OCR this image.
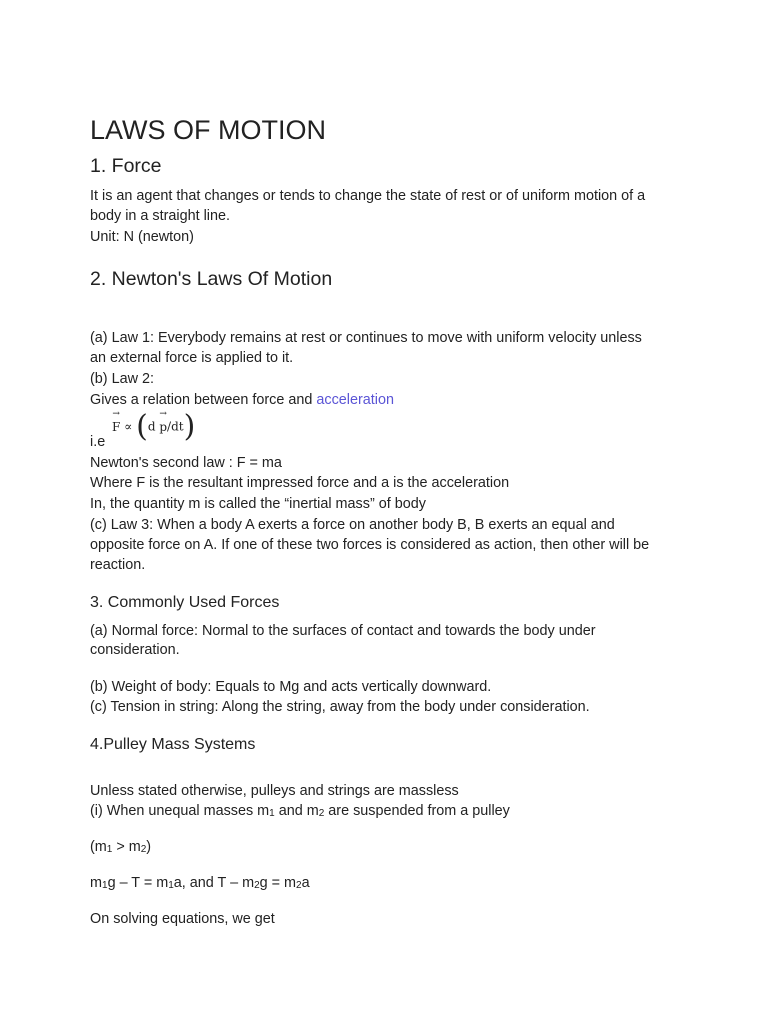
LAWS OF MOTION
1. Force
It is an agent that changes or tends to change the state of rest or of uniform motion of a
body in a straight line.
Unit: N (newton)
2. Newton's Laws Of Motion
(a) Law 1: Everybody remains at rest or continues to move with uniform velocity unless
an external force is applied to it.
(b) Law 2:
Gives a relation between force and acceleration
i.e
→ F ∝ (d → p/dt)
Newton's second law : F = ma
Where F is the resultant impressed force and a is the acceleration
In, the quantity m is called the “inertial mass” of body
(c) Law 3: When a body A exerts a force on another body B, B exerts an equal and
opposite force on A. If one of these two forces is considered as action, then other will be
reaction.
3. Commonly Used Forces
(a) Normal force: Normal to the surfaces of contact and towards the body under
consideration.
(b) Weight of body: Equals to Mg and acts vertically downward.
(c) Tension in string: Along the string, away from the body under consideration.
4.Pulley Mass Systems
Unless stated otherwise, pulleys and strings are massless
(i) When unequal masses $m_1$ and $m_2$ are suspended from a pulley
$(m_1 > m_2)$
$m_1g - T = m_1a$, and $T - m_2g = m_2a$
On solving equations, we get
